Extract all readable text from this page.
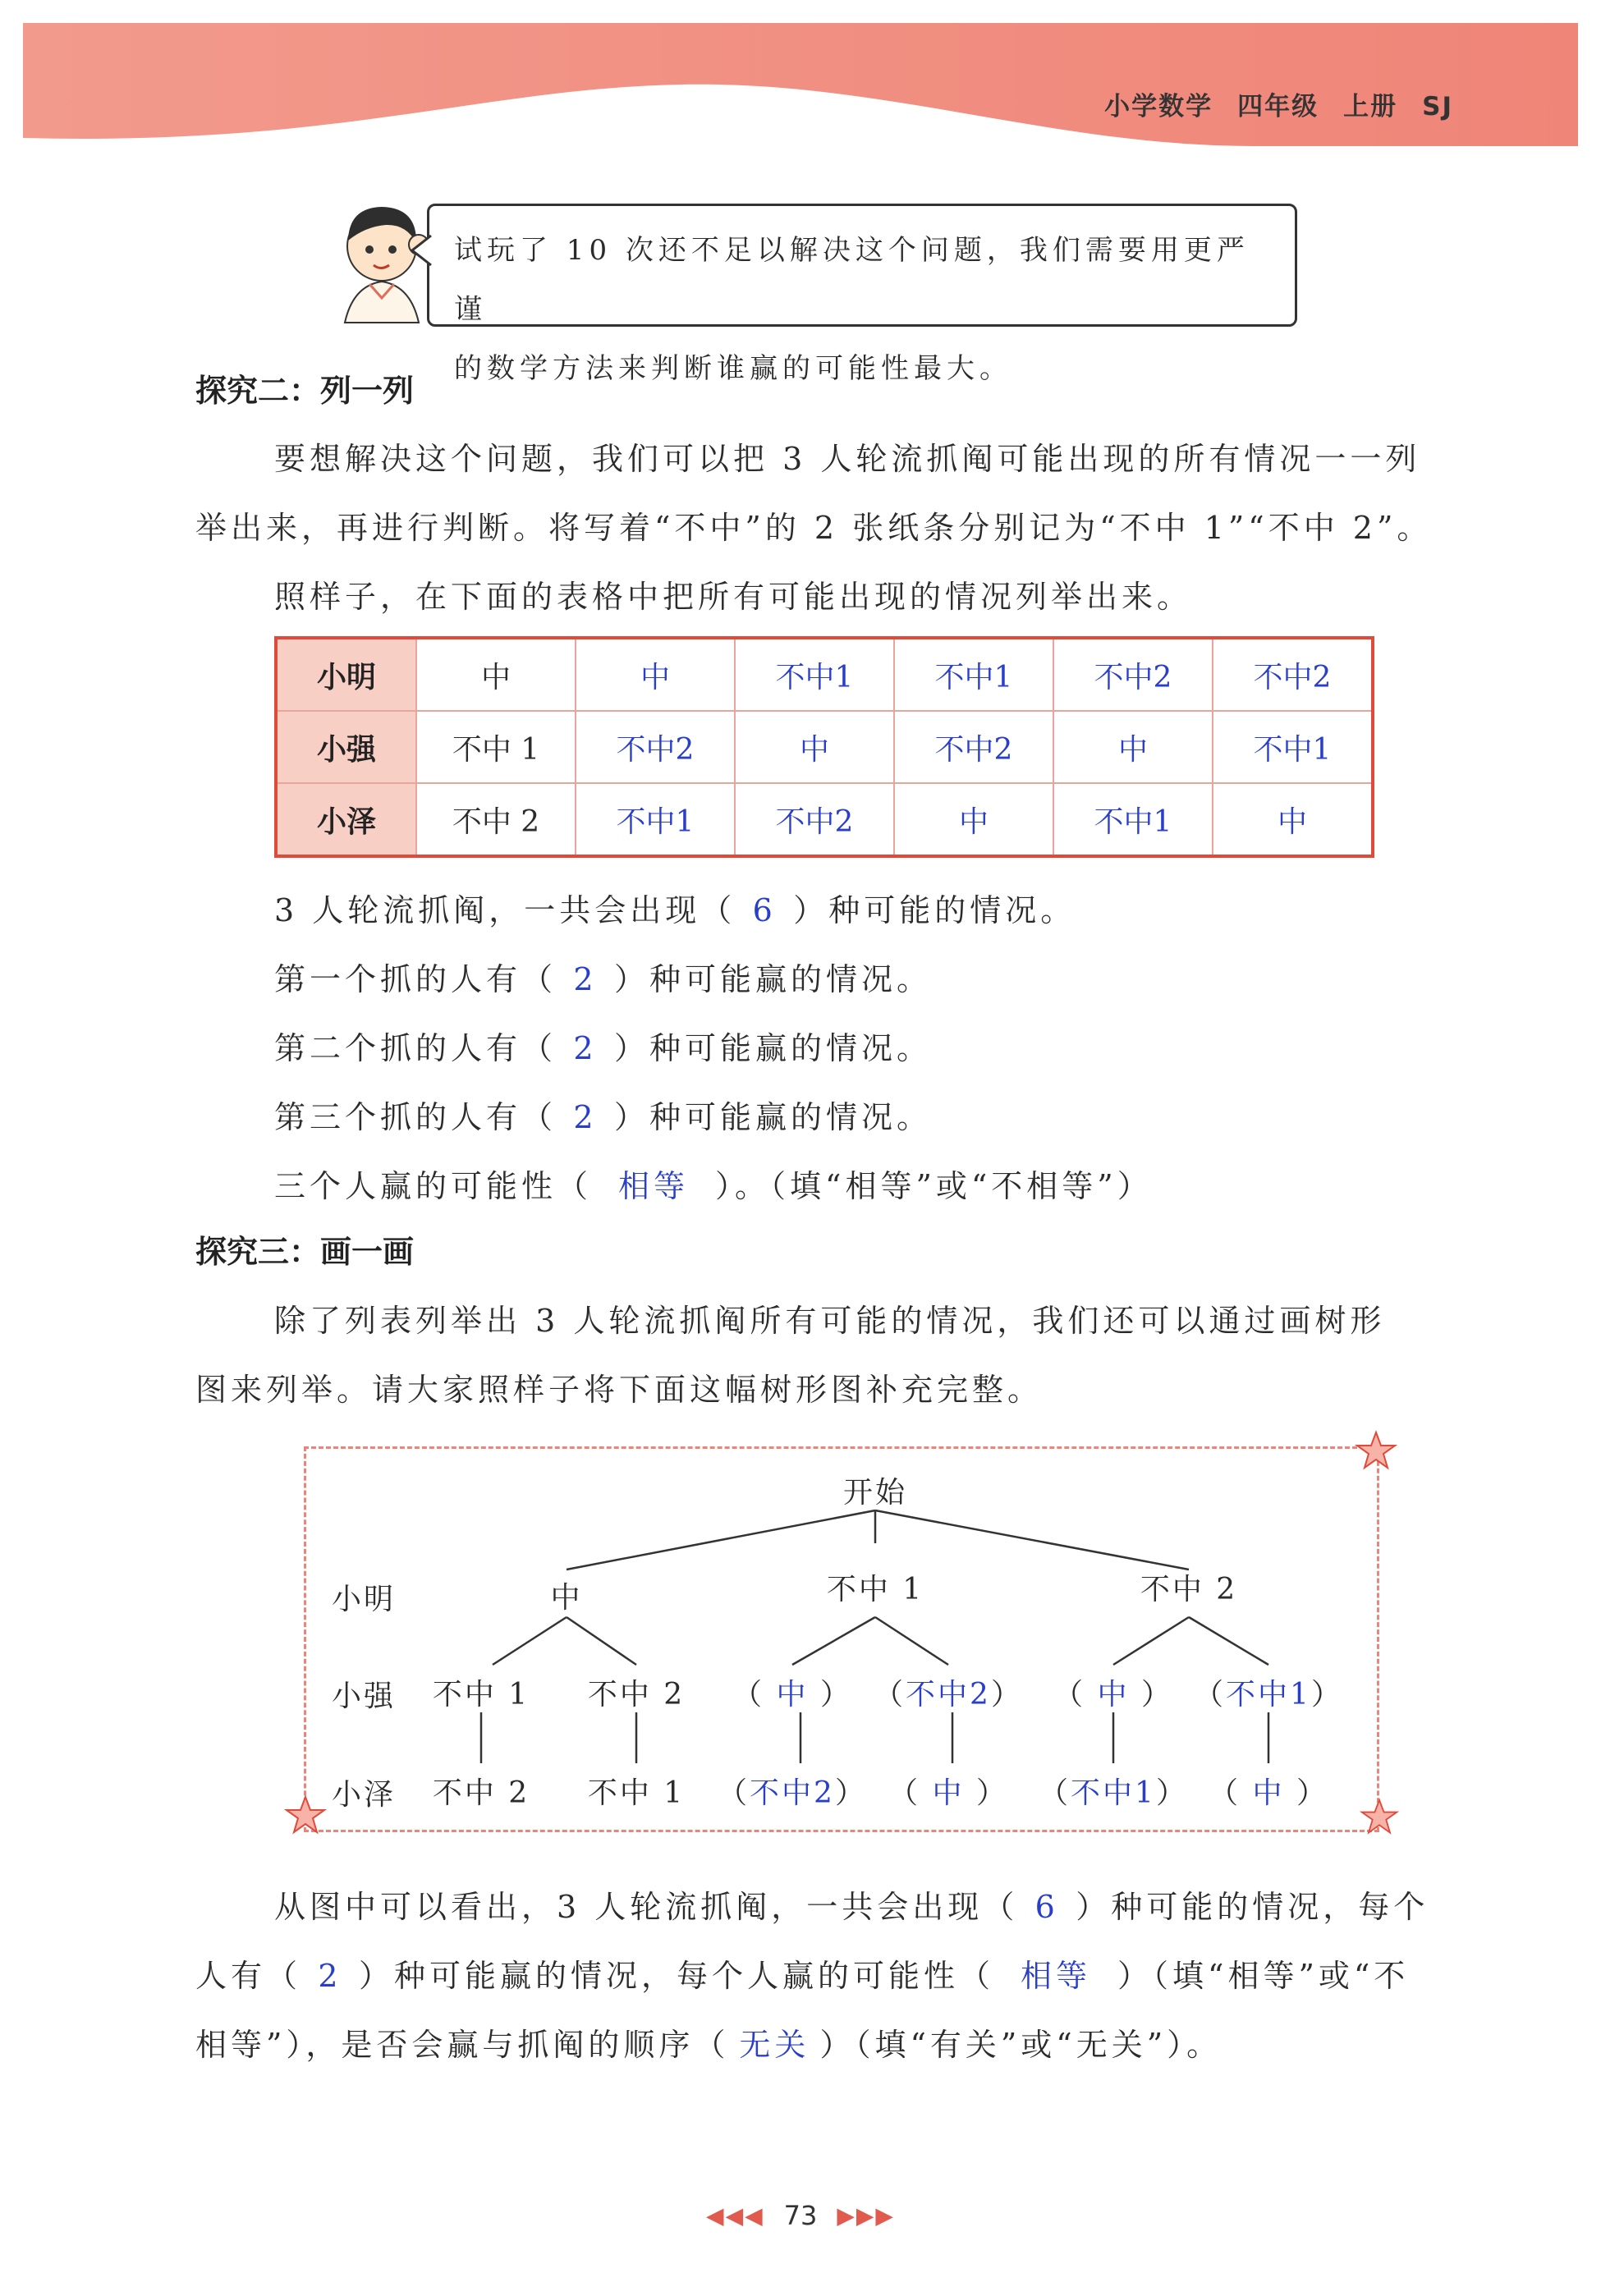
小学数学 四年级 上册 SJ
试玩了 10 次还不足以解决这个问题，我们需要用更严谨
的数学方法来判断谁赢的可能性最大。
探究二：列一列
要想解决这个问题，我们可以把 3 人轮流抓阄可能出现的所有情况一一列
举出来，再进行判断。将写着“不中”的 2 张纸条分别记为“不中 1”“不中 2”。
照样子，在下面的表格中把所有可能出现的情况列举出来。
小明	中	中	不中1	不中1	不中2	不中2
小强	不中 1	不中2	中	不中2	中	不中1
小泽	不中 2	不中1	不中2	中	不中1	中
3 人轮流抓阄，一共会出现（ 6 ）种可能的情况。
第一个抓的人有（ 2 ）种可能赢的情况。
第二个抓的人有（ 2 ）种可能赢的情况。
第三个抓的人有（ 2 ）种可能赢的情况。
三个人赢的可能性（ 相等 ）。（填“相等”或“不相等”）
探究三：画一画
除了列表列举出 3 人轮流抓阄所有可能的情况，我们还可以通过画树形
图来列举。请大家照样子将下面这幅树形图补充完整。
开始
小明
小强
小泽
中	不中 1	不中 2
不中 1 不中 2 （ 中 ） （不中2） （ 中 ） （不中1）
不中 2 不中 1 （不中2） （ 中 ） （不中1） （ 中 ）
从图中可以看出，3 人轮流抓阄，一共会出现（ 6 ）种可能的情况，每个
人有（ 2 ）种可能赢的情况，每个人赢的可能性（ 相等 ）（填“相等”或“不
相等”），是否会赢与抓阄的顺序（ 无关 ）（填“有关”或“无关”）。
◀◀◀ 73 ▶▶▶
